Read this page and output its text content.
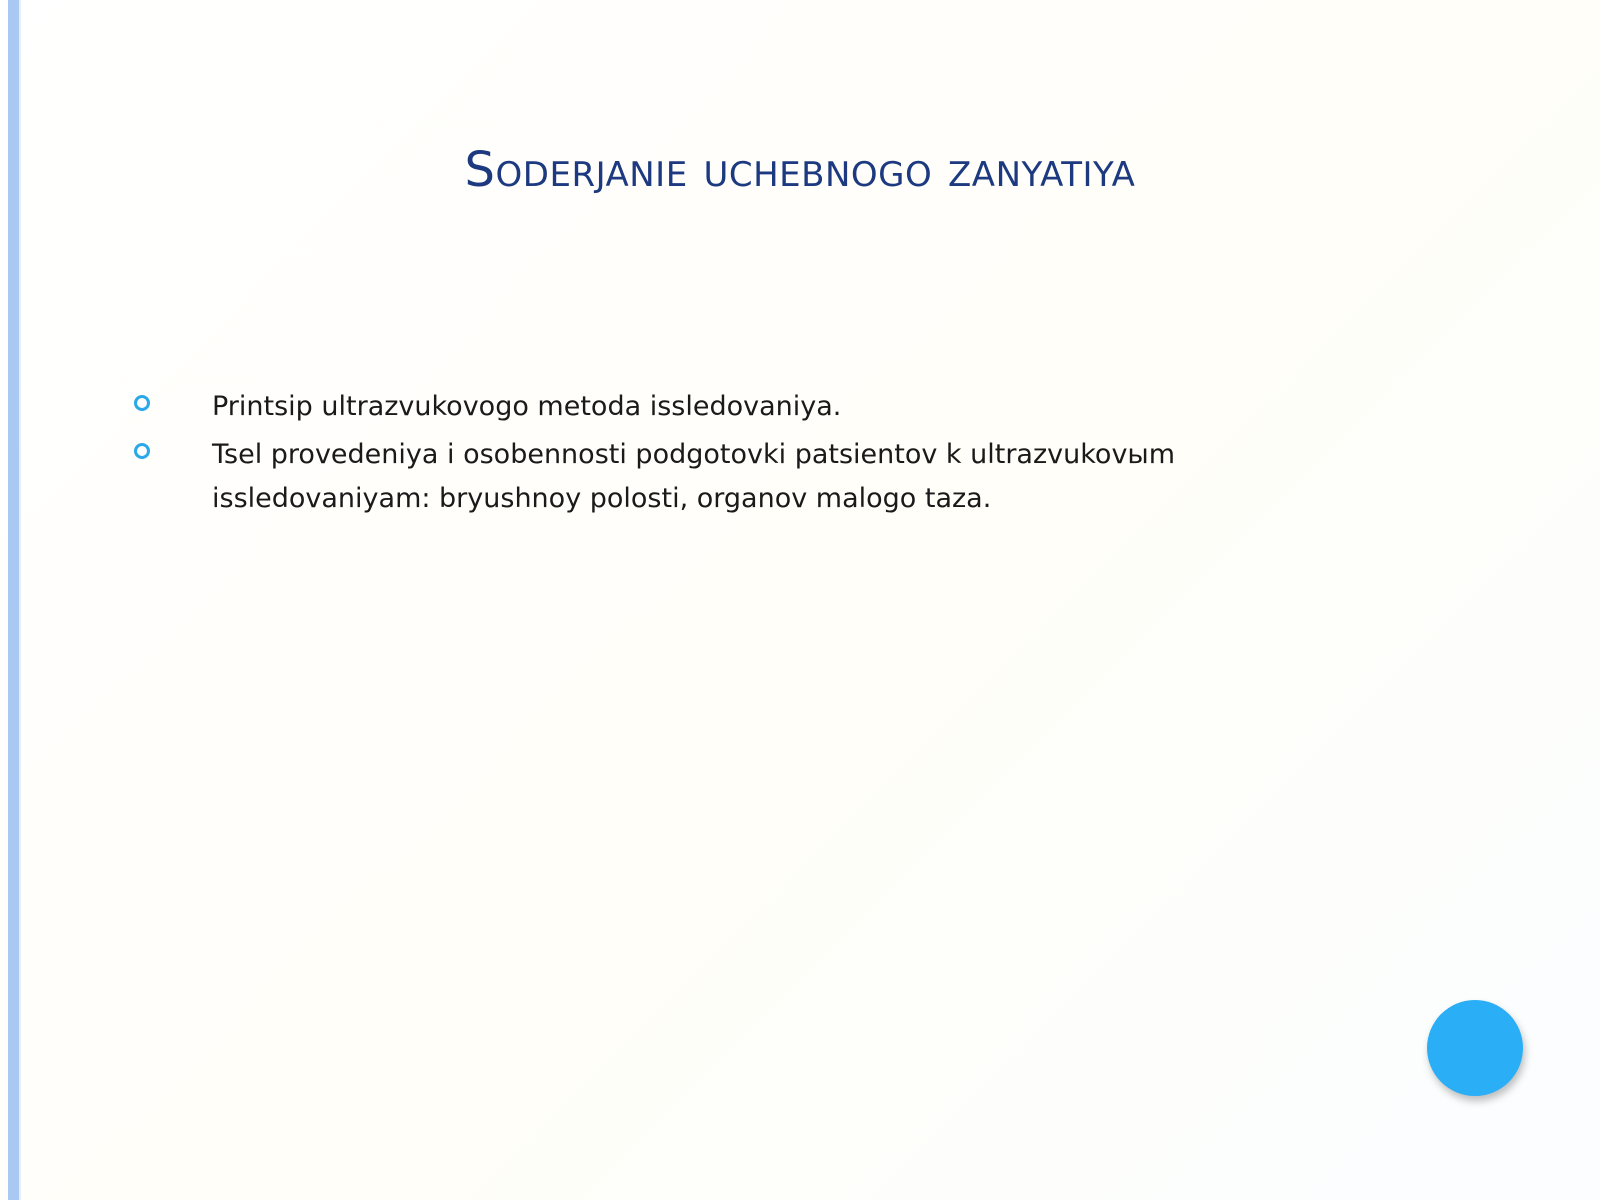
Soderjanie uchebnogo zanyatiya
Printsip ultrazvukovogo metoda issledovaniya.
Tsel provedeniya i osobennosti podgotovki patsientov k ultrazvukovыm issledovaniyam: bryushnoy polosti, organov malogo taza.
